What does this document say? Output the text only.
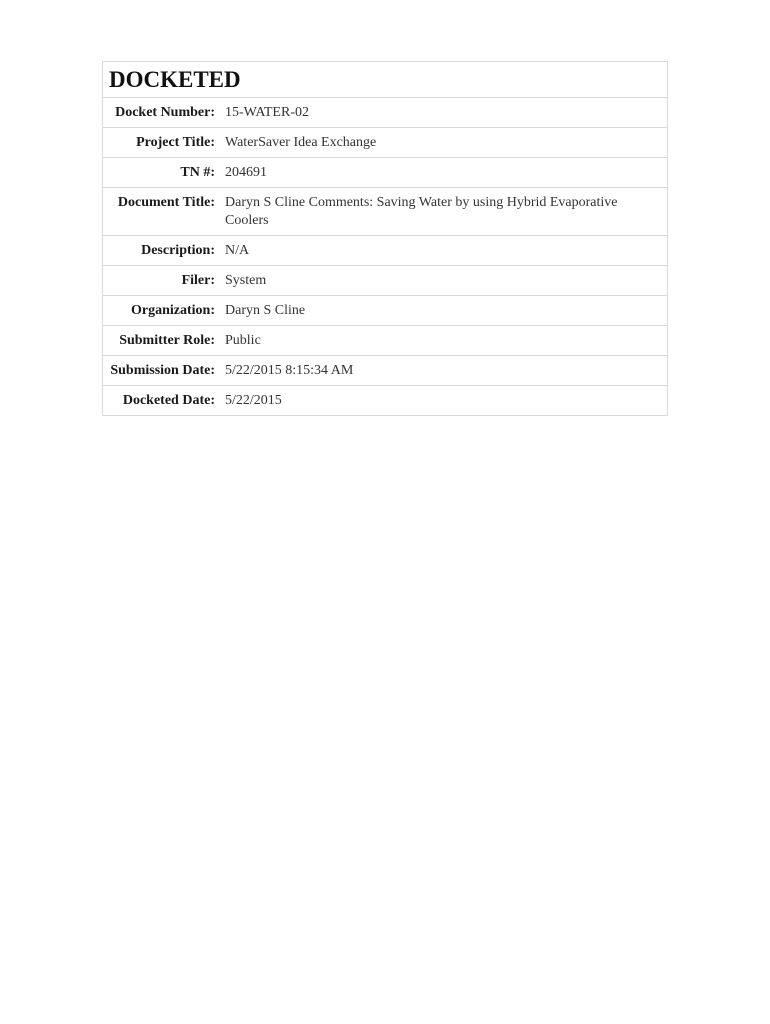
DOCKETED
Docket Number: 15-WATER-02
Project Title: WaterSaver Idea Exchange
TN #: 204691
Document Title: Daryn S Cline Comments: Saving Water by using Hybrid Evaporative Coolers
Description: N/A
Filer: System
Organization: Daryn S Cline
Submitter Role: Public
Submission Date: 5/22/2015 8:15:34 AM
Docketed Date: 5/22/2015
